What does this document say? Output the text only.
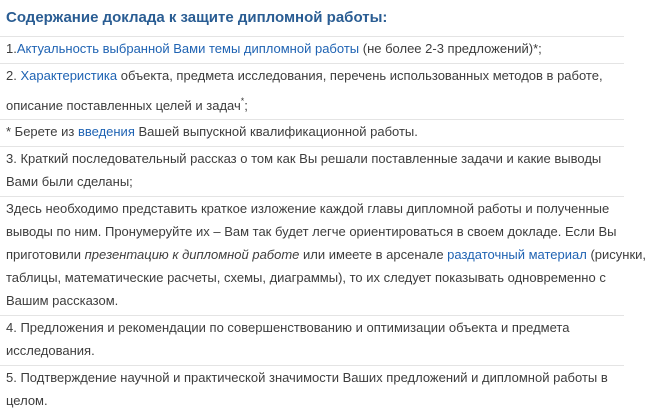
Содержание доклада к защите дипломной работы:

1.Актуальность выбранной Вами темы дипломной работы (не более 2-3 предложений)*;

2. Характеристика объекта, предмета исследования, перечень использованных методов в работе,

описание поставленных целей и задач*;

* Берете из введения Вашей выпускной квалификационной работы.

3. Краткий последовательный рассказ о том как Вы решали поставленные задачи и какие выводы

Вами были сделаны;

Здесь необходимо представить краткое изложение каждой главы дипломной работы и полученные

выводы по ним. Пронумеруйте их – Вам так будет легче ориентироваться в своем докладе. Если Вы

приготовили презентацию к дипломной работе или имеете в арсенале раздаточный материал (рисунки,

таблицы, математические расчеты, схемы, диаграммы), то их следует показывать одновременно с

Вашим рассказом.

4. Предложения и рекомендации по совершенствованию и оптимизации объекта и предмета

исследования.

5. Подтверждение научной и практической значимости Ваших предложений и дипломной работы в

целом.
